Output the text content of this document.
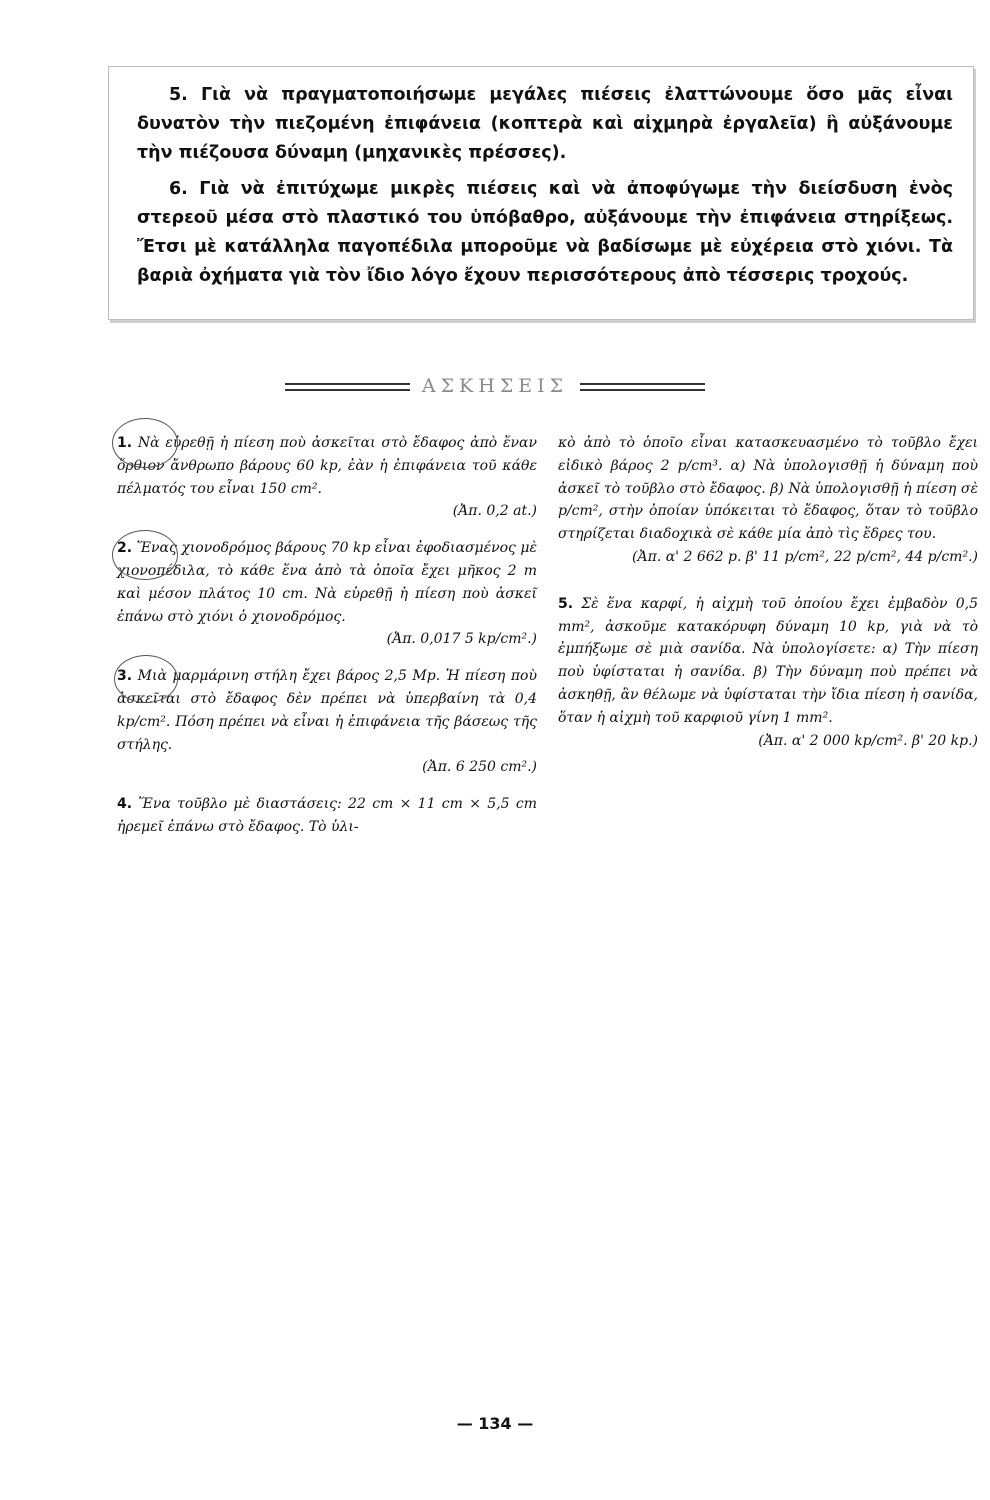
5. Γιὰ νὰ πραγματοποιήσωμε μεγάλες πιέσεις ἐλαττώνουμε ὅσο μᾶς εἶναι δυνατὸν τὴν πιεζομένη ἐπιφάνεια (κοπτερὰ καὶ αἰχμηρὰ ἐργαλεῖα) ἢ αὐξάνουμε τὴν πιέζουσα δύναμη (μηχανικὲς πρέσσες).

6. Γιὰ νὰ ἐπιτύχωμε μικρὲς πιέσεις καὶ νὰ ἀποφύγωμε τὴν διείσδυση ἑνὸς στερεοῦ μέσα στὸ πλαστικό του ὑπόβαθρο, αὐξάνουμε τὴν ἐπιφάνεια στηρίξεως. Ἔτσι μὲ κατάλληλα παγοπέδιλα μποροῦμε νὰ βαδίσωμε μὲ εὐχέρεια στὸ χιόνι. Τὰ βαριὰ ὀχήματα γιὰ τὸν ἴδιο λόγο ἔχουν περισσότερους ἀπὸ τέσσερις τροχούς.

ΑΣΚΗΣΕΙΣ

1. Νὰ εὑρεθῇ ἡ πίεση ποὺ ἀσκεῖται στὸ ἔδαφος ἀπὸ ἕναν ὄρθιον ἄνθρωπο βάρους 60 kp, ἐὰν ἡ ἐπιφάνεια τοῦ κάθε πέλματός του εἶναι 150 cm².
(Ἀπ. 0,2 at.)

2. Ἕνας χιονοδρόμος βάρους 70 kp εἶναι ἐφοδιασμένος μὲ χιονοπέδιλα, τὸ κάθε ἕνα ἀπὸ τὰ ὁποῖα ἔχει μῆκος 2 m καὶ μέσον πλάτος 10 cm. Νὰ εὑρεθῇ ἡ πίεση ποὺ ἀσκεῖ ἐπάνω στὸ χιόνι ὁ χιονοδρόμος.
(Ἀπ. 0,017 5 kp/cm².)

3. Μιὰ μαρμάρινη στήλη ἔχει βάρος 2,5 Mp. Ἡ πίεση ποὺ ἀσκεῖται στὸ ἔδαφος δὲν πρέπει νὰ ὑπερβαίνη τὰ 0,4 kp/cm². Πόση πρέπει νὰ εἶναι ἡ ἐπιφάνεια τῆς βάσεως τῆς στήλης.
(Ἀπ. 6 250 cm².)

4. Ἕνα τοῦβλο μὲ διαστάσεις: 22 cm × 11 cm × 5,5 cm ἠρεμεῖ ἐπάνω στὸ ἔδαφος. Τὸ ὑλι-

κὸ ἀπὸ τὸ ὁποῖο εἶναι κατασκευασμένο τὸ τοῦβλο ἔχει εἰδικὸ βάρος 2 p/cm³. α) Νὰ ὑπολογισθῇ ἡ δύναμη ποὺ ἀσκεῖ τὸ τοῦβλο στὸ ἔδαφος. β) Νὰ ὑπολογισθῇ ἡ πίεση σὲ p/cm², στὴν ὁποίαν ὑπόκειται τὸ ἔδαφος, ὅταν τὸ τοῦβλο στηρίζεται διαδοχικὰ σὲ κάθε μία ἀπὸ τὶς ἕδρες του.
(Ἀπ. α' 2 662 p. β' 11 p/cm², 22 p/cm², 44 p/cm².)

5. Σὲ ἕνα καρφί, ἡ αἰχμὴ τοῦ ὁποίου ἔχει ἐμβαδὸν 0,5 mm², ἀσκοῦμε κατακόρυφη δύναμη 10 kp, γιὰ νὰ τὸ ἐμπήξωμε σὲ μιὰ σανίδα. Νὰ ὑπολογίσετε: α) Τὴν πίεση ποὺ ὑφίσταται ἡ σανίδα. β) Τὴν δύναμη ποὺ πρέπει νὰ ἀσκηθῇ, ἂν θέλωμε νὰ ὑφίσταται τὴν ἴδια πίεση ἡ σανίδα, ὅταν ἡ αἰχμὴ τοῦ καρφιοῦ γίνη 1 mm².
(Ἀπ. α' 2 000 kp/cm². β' 20 kp.)

— 134 —
